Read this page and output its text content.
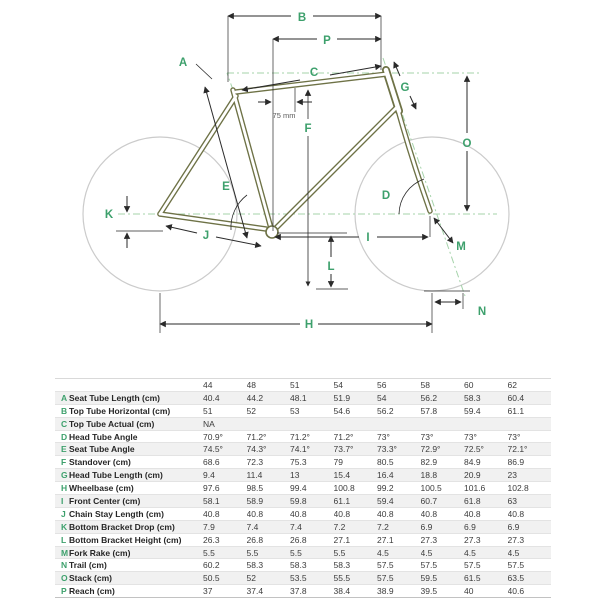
A
B
P
C
G
75 mm
F
O
K
E
D
J	I
L
M
H
N
		44	48	51	54	56	58	60	62
A	Seat Tube Length (cm)	40.4	44.2	48.1	51.9	54	56.2	58.3	60.4
B	Top Tube Horizontal (cm)	51	52	53	54.6	56.2	57.8	59.4	61.1
C	Top Tube Actual (cm)	NA							
D	Head Tube Angle	70.9°	71.2°	71.2°	71.2°	73°	73°	73°	73°
E	Seat Tube Angle	74.5°	74.3°	74.1°	73.7°	73.3°	72.9°	72.5°	72.1°
F	Standover (cm)	68.6	72.3	75.3	79	80.5	82.9	84.9	86.9
G	Head Tube Length (cm)	9.4	11.4	13	15.4	16.4	18.8	20.9	23
H	Wheelbase (cm)	97.6	98.5	99.4	100.8	99.2	100.5	101.6	102.8
I	Front Center (cm)	58.1	58.9	59.8	61.1	59.4	60.7	61.8	63
J	Chain Stay Length (cm)	40.8	40.8	40.8	40.8	40.8	40.8	40.8	40.8
K	Bottom Bracket Drop (cm)	7.9	7.4	7.4	7.2	7.2	6.9	6.9	6.9
L	Bottom Bracket Height (cm)	26.3	26.8	26.8	27.1	27.1	27.3	27.3	27.3
M	Fork Rake (cm)	5.5	5.5	5.5	5.5	4.5	4.5	4.5	4.5
N	Trail (cm)	60.2	58.3	58.3	58.3	57.5	57.5	57.5	57.5
O	Stack (cm)	50.5	52	53.5	55.5	57.5	59.5	61.5	63.5
P	Reach (cm)	37	37.4	37.8	38.4	38.9	39.5	40	40.6
